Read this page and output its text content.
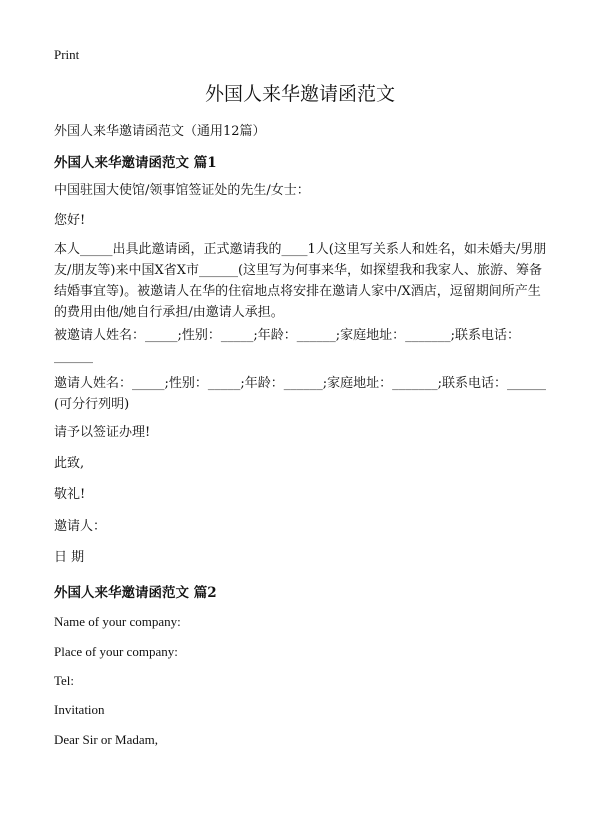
Print
外国人来华邀请函范文
外国人来华邀请函范文（通用12篇）
外国人来华邀请函范文 篇1

中国驻国大使馆/领事馆签证处的先生/女士：

您好!

本人_____出具此邀请函，正式邀请我的____1人(这里写关系人和姓名，如未婚夫/男朋友/朋友等)来中国X省X市______(这里写为何事来华，如探望我和我家人、旅游、筹备结婚事宜等)。被邀请人在华的住宿地点将安排在邀请人家中/X酒店，逗留期间所产生的费用由他/她自行承担/由邀请人承担。

被邀请人姓名：_____;性别：_____;年龄：______;家庭地址：_______;联系电话：______

邀请人姓名：_____;性别：_____;年龄：______;家庭地址：_______;联系电话：______ (可分行列明)

请予以签证办理!

此致,

敬礼!

邀请人：

日 期

外国人来华邀请函范文 篇2

Name of your company:

Place of your company:

Tel:

Invitation

Dear Sir or Madam,
